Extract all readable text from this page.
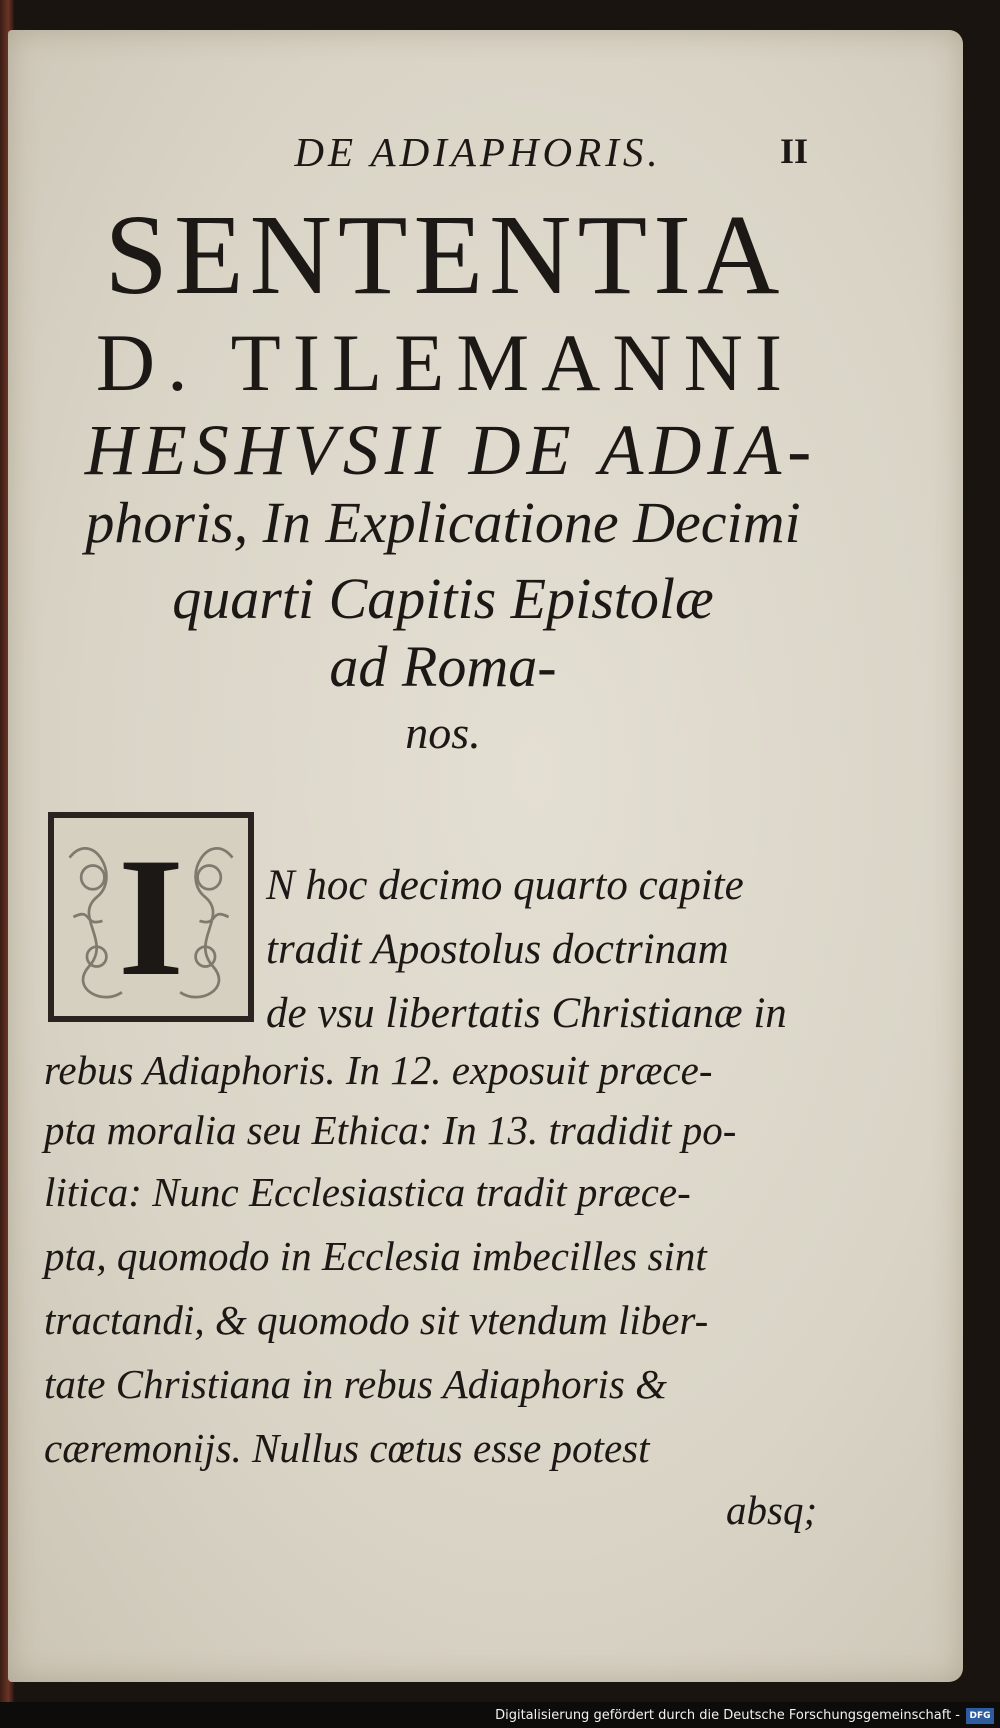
DE ADIAPHORIS.	II
SENTENTIA
D. TILEMANNI
HESHVSII DE ADIA-
phoris, In Explicatione Decimi
quarti Capitis Epistolæ
ad Roma-
nos.
I	N hoc decimo quarto capite
tradit Apostolus doctrinam
de vsu libertatis Christianæ in
rebus Adiaphoris. In 12. exposuit præce-
pta moralia seu Ethica: In 13. tradidit po-
litica: Nunc Ecclesiastica tradit præce-
pta, quomodo in Ecclesia imbecilles sint
tractandi, & quomodo sit vtendum liber-
tate Christiana in rebus Adiaphoris &
cæremonijs. Nullus cœtus esse potest
absq;
Digitalisierung gefördert durch die Deutsche Forschungsgemeinschaft -	DFG
